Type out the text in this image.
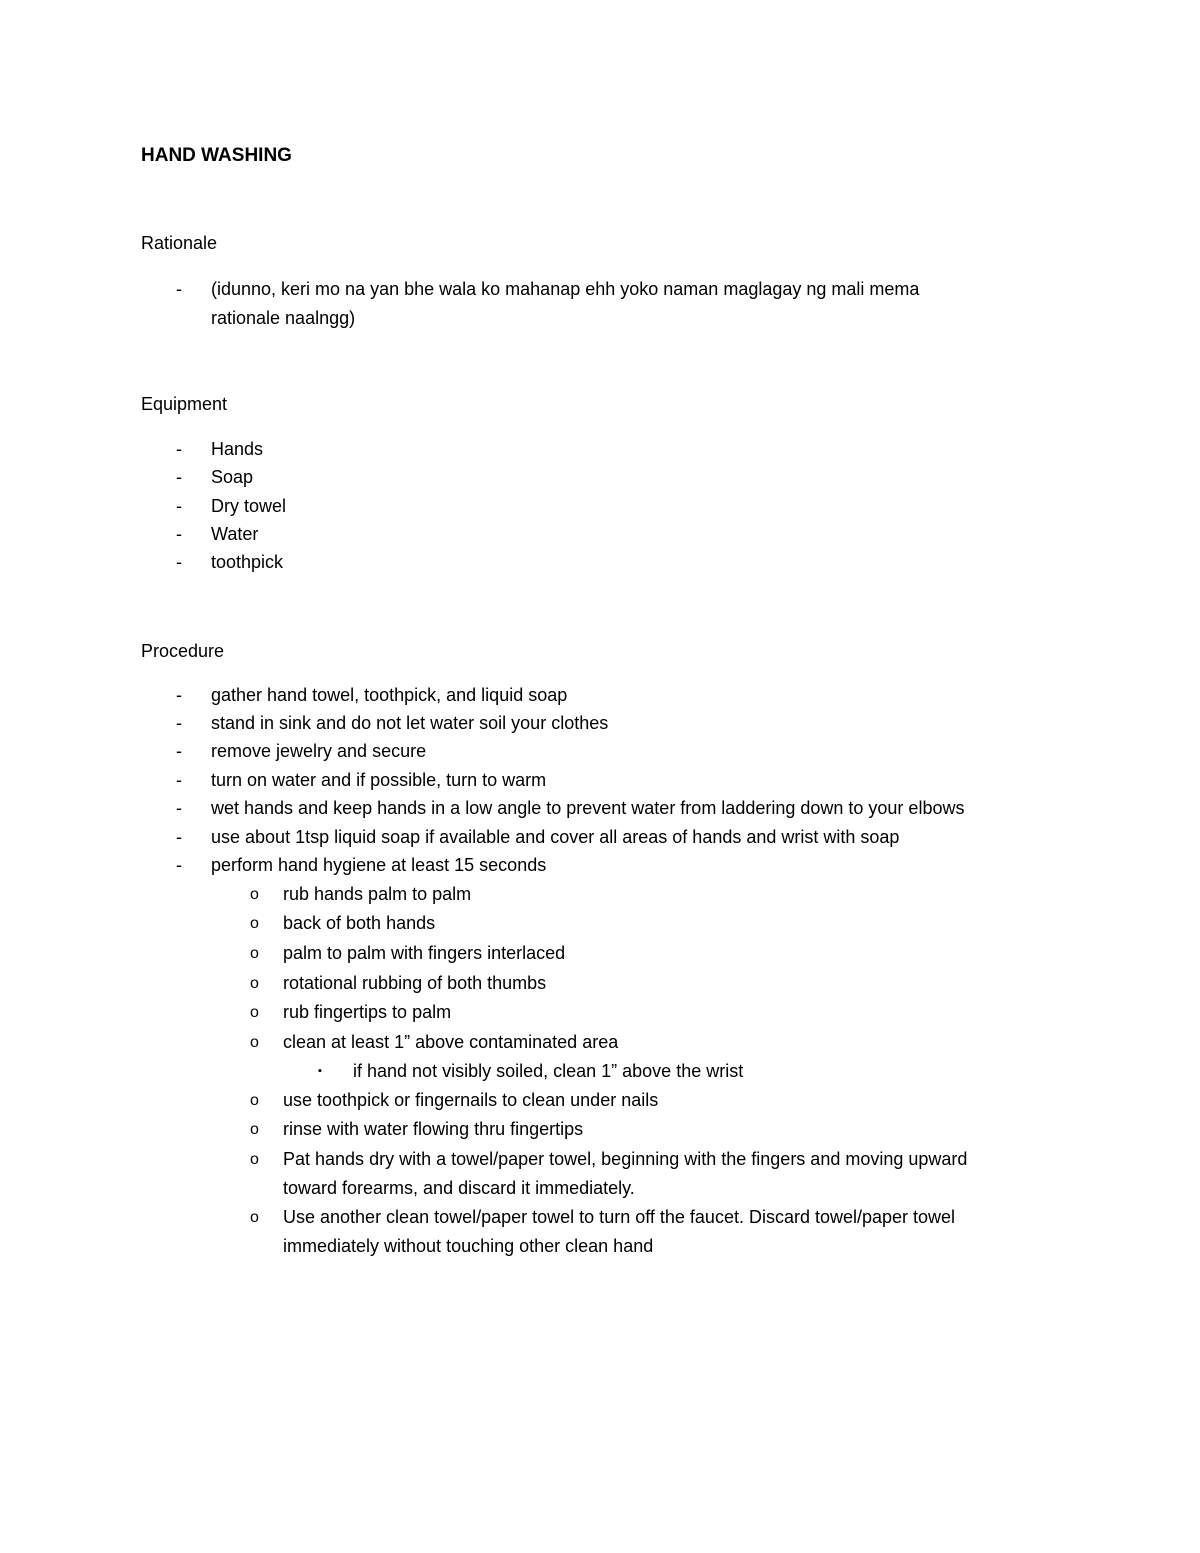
HAND WASHING
Rationale
-	(idunno, keri mo na yan bhe wala ko mahanap ehh yoko naman maglagay ng mali mema
rationale naalngg)
Equipment
-	Hands
-	Soap
-	Dry towel
-	Water
-	toothpick
Procedure
-	gather hand towel, toothpick, and liquid soap
-	stand in sink and do not let water soil your clothes
-	remove jewelry and secure
-	turn on water and if possible, turn to warm
-	wet hands and keep hands in a low angle to prevent water from laddering down to your elbows
-	use about 1tsp liquid soap if available and cover all areas of hands and wrist with soap
-	perform hand hygiene at least 15 seconds
o rub hands palm to palm
o back of both hands
o palm to palm with fingers interlaced
o rotational rubbing of both thumbs
o rub fingertips to palm
o clean at least 1” above contaminated area
▪ if hand not visibly soiled, clean 1” above the wrist
o use toothpick or fingernails to clean under nails
o rinse with water flowing thru fingertips
o Pat hands dry with a towel/paper towel, beginning with the fingers and moving upward
toward forearms, and discard it immediately.
o Use another clean towel/paper towel to turn off the faucet. Discard towel/paper towel
immediately without touching other clean hand
